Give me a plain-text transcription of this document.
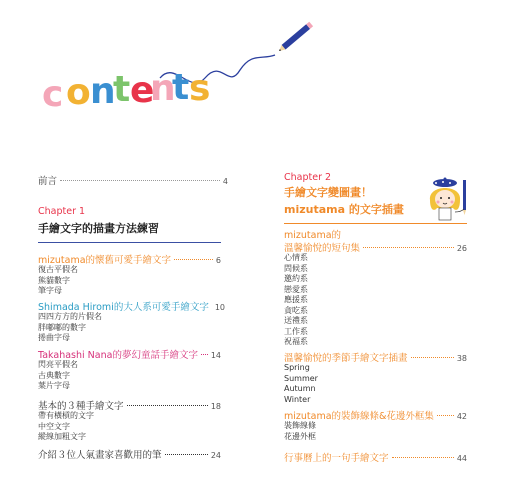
c o n
t e
n
t s
前言	4
Chapter 1
手繪文字的描畫方法練習
mizutama的懷舊可愛手繪文字	6
復古平假名
熊貓數字
筆字母
Shimada Hiromi的大人系可愛手繪文字 10
四四方方的片假名
胖嘟嘟的數字
捲曲字母
Takahashi Nana的夢幻童話手繪文字 14
閃亮平假名
古典數字
葉片字母
基本的３種手繪文字	18
帶有橫槓的文字
中空文字
縱線加粗文字
介紹３位人氣畫家喜歡用的筆	24
Chapter 2
手繪文字變圖畫！
mizutama 的文字插畫
mizutama的
溫馨愉悅的短句集	26
心情系
問候系
邀約系
戀愛系
應援系
貪吃系
送禮系
工作系
祝福系
溫馨愉悅的季節手繪文字插畫	38
Spring
Summer
Autumn
Winter
mizutama的裝飾線條&花邊外框集	42
裝飾線條
花邊外框
行事曆上的一句手繪文字	44
